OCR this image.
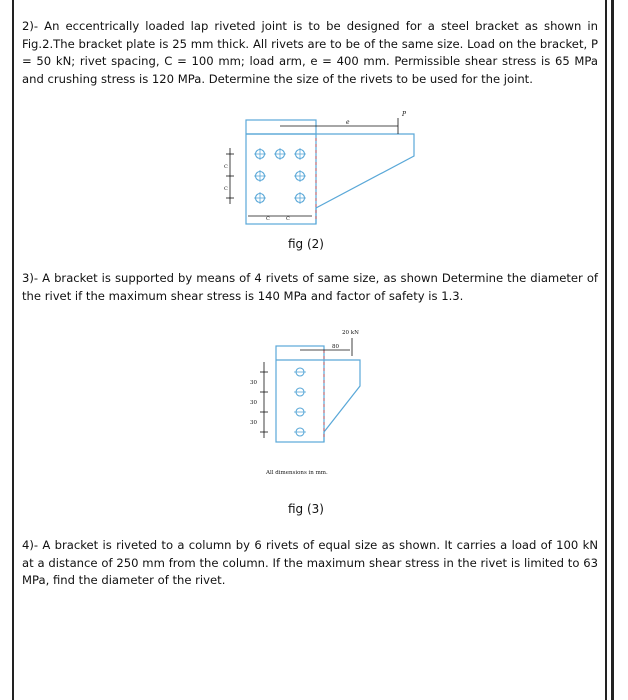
2)- An eccentrically loaded lap riveted joint is to be designed for a steel bracket as shown in Fig.2.The bracket plate is 25 mm thick. All rivets are to be of the same size. Load on the bracket, P = 50 kN; rivet spacing, C = 100 mm; load arm, e = 400 mm. Permissible shear stress is 65 MPa and crushing stress is 120 MPa. Determine the size of the rivets to be used for the joint.

P
e
C
C
C	C

fig (2)

3)- A bracket is supported by means of 4 rivets of same size, as shown Determine the diameter of the rivet if the maximum shear stress is 140 MPa and factor of safety is 1.3.

20 kN
80
30
30
30
All dimensions in mm.

fig (3)

4)- A bracket is riveted to a column by 6 rivets of equal size as shown. It carries a load of 100 kN at a distance of 250 mm from the column. If the maximum shear stress in the rivet is limited to 63 MPa, find the diameter of the rivet.
